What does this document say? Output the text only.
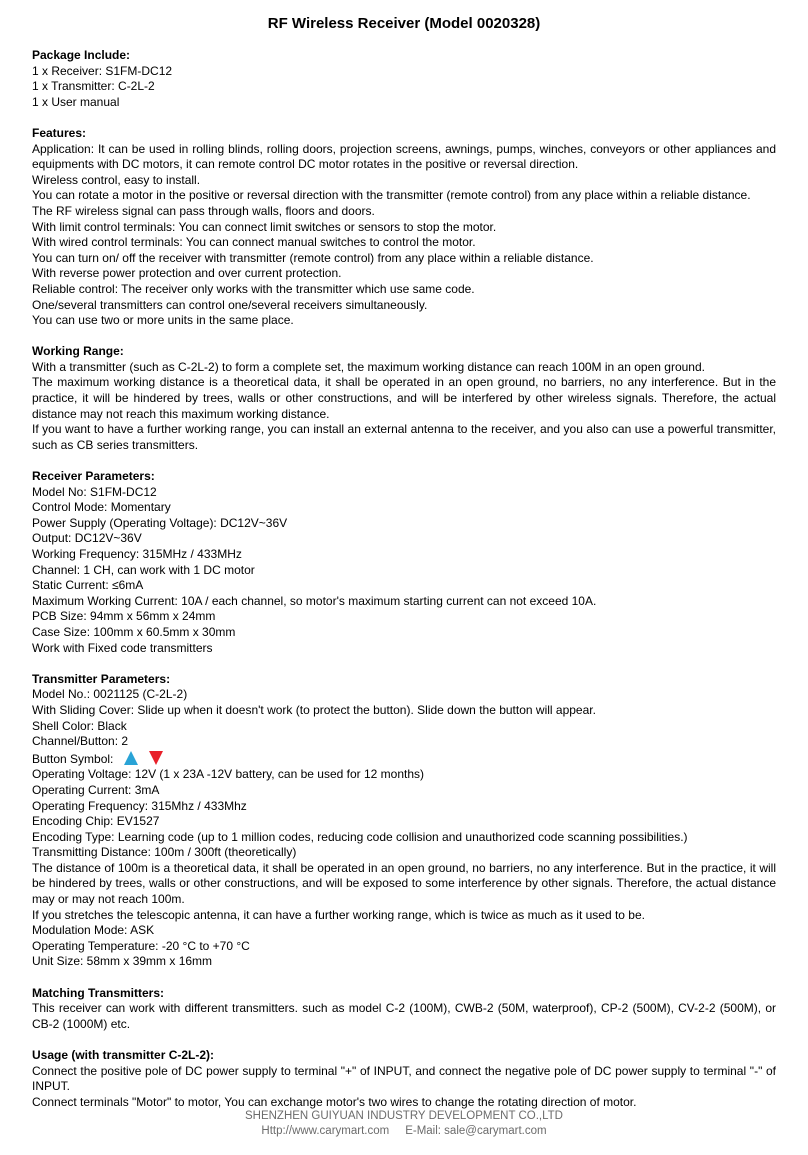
RF Wireless Receiver (Model 0020328)
Package Include:
1 x Receiver: S1FM-DC12
1 x Transmitter: C-2L-2
1 x User manual
Features:
Application: It can be used in rolling blinds, rolling doors, projection screens, awnings, pumps, winches, conveyors or other appliances and equipments with DC motors, it can remote control DC motor rotates in the positive or reversal direction.
Wireless control, easy to install.
You can rotate a motor in the positive or reversal direction with the transmitter (remote control) from any place within a reliable distance.
The RF wireless signal can pass through walls, floors and doors.
With limit control terminals: You can connect limit switches or sensors to stop the motor.
With wired control terminals: You can connect manual switches to control the motor.
You can turn on/ off the receiver with transmitter (remote control) from any place within a reliable distance.
With reverse power protection and over current protection.
Reliable control: The receiver only works with the transmitter which use same code.
One/several transmitters can control one/several receivers simultaneously.
You can use two or more units in the same place.
Working Range:
With a transmitter (such as C-2L-2) to form a complete set, the maximum working distance can reach 100M in an open ground.
The maximum working distance is a theoretical data, it shall be operated in an open ground, no barriers, no any interference. But in the practice, it will be hindered by trees, walls or other constructions, and will be interfered by other wireless signals. Therefore, the actual distance may not reach this maximum working distance.
If you want to have a further working range, you can install an external antenna to the receiver, and you also can use a powerful transmitter, such as CB series transmitters.
Receiver Parameters:
Model No: S1FM-DC12
Control Mode: Momentary
Power Supply (Operating Voltage): DC12V~36V
Output: DC12V~36V
Working Frequency: 315MHz / 433MHz
Channel: 1 CH, can work with 1 DC motor
Static Current: ≤6mA
Maximum Working Current: 10A / each channel, so motor's maximum starting current can not exceed 10A.
PCB Size: 94mm x 56mm x 24mm
Case Size: 100mm x 60.5mm x 30mm
Work with Fixed code transmitters
Transmitter Parameters:
Model No.: 0021125 (C-2L-2)
With Sliding Cover: Slide up when it doesn't work (to protect the button). Slide down the button will appear.
Shell Color: Black
Channel/Button: 2
Button Symbol:
Operating Voltage: 12V (1 x 23A -12V battery, can be used for 12 months)
Operating Current: 3mA
Operating Frequency: 315Mhz / 433Mhz
Encoding Chip: EV1527
Encoding Type: Learning code (up to 1 million codes, reducing code collision and unauthorized code scanning possibilities.)
Transmitting Distance: 100m / 300ft (theoretically)
The distance of 100m is a theoretical data, it shall be operated in an open ground, no barriers, no any interference. But in the practice, it will be hindered by trees, walls or other constructions, and will be exposed to some interference by other signals. Therefore, the actual distance may or may not reach 100m.
If you stretches the telescopic antenna, it can have a further working range, which is twice as much as it used to be.
Modulation Mode: ASK
Operating Temperature: -20 °C to +70 °C
Unit Size: 58mm x 39mm x 16mm
Matching Transmitters:
This receiver can work with different transmitters. such as model C-2 (100M), CWB-2 (50M, waterproof), CP-2 (500M), CV-2-2 (500M), or CB-2 (1000M) etc.
Usage (with transmitter C-2L-2):
Connect the positive pole of DC power supply to terminal "+" of INPUT, and connect the negative pole of DC power supply to terminal "-" of INPUT.
Connect terminals "Motor" to motor, You can exchange motor's two wires to change the rotating direction of motor.
SHENZHEN GUIYUAN INDUSTRY DEVELOPMENT CO.,LTD
Http://www.carymart.com E-Mail: sale@carymart.com
